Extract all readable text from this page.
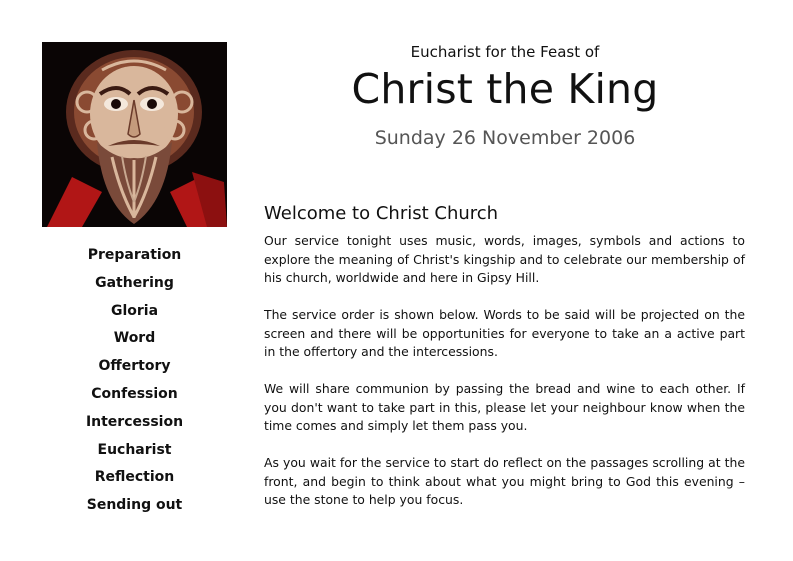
Eucharist for the Feast of
Christ the King
Sunday 26 November 2006
Preparation
Gathering
Gloria
Word
Offertory
Confession
Intercession
Eucharist
Reflection
Sending out
Welcome to Christ Church

Our service tonight uses music, words, images, symbols and actions to explore the meaning of Christ's kingship and to celebrate our membership of his church, worldwide and here in Gipsy Hill.

The service order is shown below. Words to be said will be projected on the screen and there will be opportunities for everyone to take an a active part in the offertory and the intercessions.

We will share communion by passing the bread and wine to each other. If you don't want to take part in this, please let your neighbour know when the time comes and simply let them pass you.

As you wait for the service to start do reflect on the passages scrolling at the front, and begin to think about what you might bring to God this evening – use the stone to help you focus.
